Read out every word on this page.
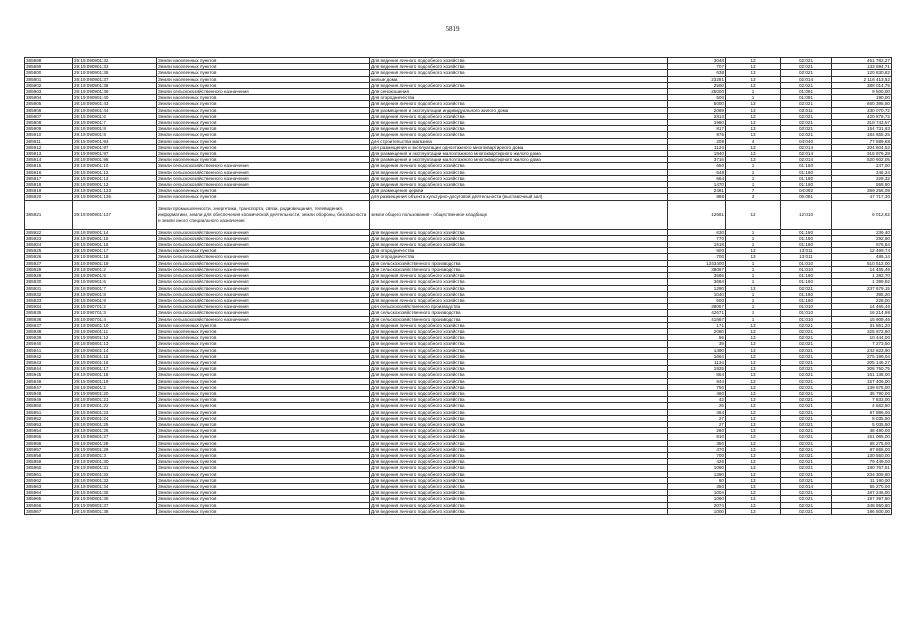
5819
385898	29:19:090901:32	Земли населенных пунктов	Для ведения личного подсобного хозяйства	3048	13	02:021	451 782,27
385899	29:19:090901:33	Земли населенных пунктов	Для ведения личного подсобного хозяйства	707	13	02:021	133 894,71
385900	29:19:090901:35	Земли населенных пунктов	Для ведения личного подсобного хозяйства	638	13	02:021	120 830,82
385901	29:19:090901:37	Земли населенных пунктов	жилые дома	23281	13	02:014	2 116 413,52
385902	29:19:090901:38	Земли населенных пунктов	Для ведения личного подсобного хозяйства	2500	13	02:021	388 014,75
385903	29:19:090901:39	Земли сельскохозяйственного назначения	Для сенокошения	25000	1	01:081	9 500,00
385904	29:19:090901:40	Земли населенных пунктов	Для огородничества	500	1	01:081	190,00
385905	29:19:090901:43	Земли населенных пунктов	Для ведения личного подсобного хозяйства	5000	13	02:021	660 395,50
385906	29:19:090901:44	Земли населенных пунктов	Для размещения и эксплуатации индивидуального жилого дома	2069	13	02:011	330 070,72
385907	29:19:090901:6	Земли населенных пунктов	Для ведения личного подсобного хозяйства	2813	13	02:021	420 876,72
385908	29:19:090901:7	Земли населенных пунктов	Для ведения личного подсобного хозяйства	1980	13	02:021	318 743,57
385909	29:19:090901:8	Земли населенных пунктов	Для ведения личного подсобного хозяйства	817	13	02:021	154 731,63
385910	29:19:090901:9	Земли населенных пунктов	Для ведения личного подсобного хозяйства	975	13	02:021	184 655,25
385911	29:19:090901:94	Земли населенных пунктов	для строительства магазина	208	4	04:040	77 589,68
385912	29:19:090901:97	Земли населенных пунктов	для размещения и эксплуатации одноэтажного многоквартирного дома	1124	13	02:014	204 604,53
385913	29:19:090901:97	Земли населенных пунктов	Для размещения и эксплуатации малоэтажного многоквартирного жилого дома	1940	13	02:014	315 976,28
385914	29:19:090901:98	Земли населенных пунктов	Для размещения и эксплуатации малоэтажного многоквартирного жилого дома	3716	13	02:014	520 602,05
385915	29:19:090901:10	Земли сельскохозяйственного назначения	Для ведения личного подсобного хозяйства	650	1	01:160	247,00
385916	29:19:090901:12	Земли сельскохозяйственного назначения	Для ведения личного подсобного хозяйства	648	1	01:160	246,24
385917	29:19:090901:13	Земли сельскохозяйственного назначения	Для ведения личного подсобного хозяйства	864	1	01:160	328,32
385918	29:19:090901:13	Земли сельскохозяйственного назначения	Для ведения личного подсобного хозяйства	1470	1	01:160	558,60
385919	29:19:090901:133	Земли населенных пунктов	Для размещения церкви	2481	7	04:092	389 256,09
385920	29:19:090901:135	Земли населенных пунктов	для размещения объекта культурно-досуговой деятельности (выставочный зал)	988	3	05:081	47 717,30
385921	29:19:090901:137	Земли промышленности, энергетики, транспорта, связи, радиовещания, телевидения, информатики, земли для обеспечения космической деятельности, земли обороны, безопасности и земли иного специального назначения	земли общего пользования - общественное кладбище	12681	12	12:010	6 012,62
385922	29:19:090901:14	Земли сельскохозяйственного назначения	Для ведения личного подсобного хозяйства	630	1	01:160	239,40
385923	29:19:090901:15	Земли сельскохозяйственного назначения	Для ведения личного подсобного хозяйства	770	1	01:160	292,60
385924	29:19:090901:16	Земли сельскохозяйственного назначения	Для ведения личного подсобного хозяйства	1518	1	01:160	576,84
385925	29:19:090901:17	Земли населенных пунктов	Для огородничества	600	13	13:011	12 499,74
385926	29:19:090901:18	Земли сельскохозяйственного назначения	Для огородничества	700	13	13:011	486,14
385927	29:19:090901:19	Земли сельскохозяйственного назначения	Для сельскохозяйственного производства	1343400	1	01:010	510 512,00
385928	29:19:090901:2	Земли сельскохозяйственного назначения	Для сельскохозяйственного производства	38067	1	01:010	14 465,46
385929	29:19:090901:5	Земли сельскохозяйственного назначения	Для ведения личного подсобного хозяйства	3665	1	01:160	1 392,70
385930	29:19:090901:6	Земли сельскохозяйственного назначения	Для ведения личного подсобного хозяйства	3684	1	01:160	1 399,92
385931	29:19:090901:7	Земли сельскохозяйственного назначения	Для ведения личного подсобного хозяйства	1290	13	02:021	237 679,15
385932	29:19:090901:8	Земли сельскохозяйственного назначения	Для ведения личного подсобного хозяйства	1040	1	01:160	395,20
385933	29:19:090901:9	Земли сельскохозяйственного назначения	Для ведения личного подсобного хозяйства	600	1	01:160	228,00
385934	29:19:090701:2	Земли сельскохозяйственного назначения	для сельскохозяйственного производства	38067	1	01:010	14 465,46
385935	29:19:090701:3	Земли сельскохозяйственного назначения	Для сельскохозяйственного производства	42671	1	01:010	16 214,98
385936	29:19:090701:4	Земли сельскохозяйственного назначения	Для сельскохозяйственного производства	41867	1	01:010	15 909,46
385937	29:19:090801:10	Земли населенных пунктов	Для ведения личного подсобного хозяйства	171	13	02:021	31 861,20
385938	29:19:090801:11	Земли населенных пунктов	Для ведения личного подсобного хозяйства	2080	13	02:021	325 872,60
385939	29:19:090801:12	Земли населенных пунктов	Для ведения личного подсобного хозяйства	56	13	02:021	10 444,00
385940	29:19:090801:13	Земли населенных пунктов	Для ведения личного подсобного хозяйства	39	13	02:021	7 273,50
385941	29:19:090801:14	Земли населенных пунктов	Для ведения личного подсобного хозяйства	1490	13	02:021	242 823,90
385942	29:19:090801:15	Земли населенных пунктов	Для ведения личного подсобного хозяйства	1664	13	02:021	275 199,04
385943	29:19:090801:16	Земли населенных пунктов	Для ведения личного подсобного хозяйства	1134	13	02:021	205 146,27
385944	29:19:090801:17	Земли населенных пунктов	Для ведения личного подсобного хозяйства	1925	13	02:021	308 750,75
385945	29:19:090801:18	Земли населенных пунктов	Для ведения личного подсобного хозяйства	864	13	02:021	161 138,00
385946	29:19:090801:19	Земли населенных пунктов	Для ведения личного подсобного хозяйства	844	13	02:021	157 406,00
385947	29:19:090801:2	Земли населенных пунктов	Для ведения личного подсобного хозяйства	750	13	02:021	139 875,00
385948	29:19:090801:20	Земли населенных пунктов	Для ведения личного подсобного хозяйства	460	13	02:021	35 790,00
385949	29:19:090801:21	Земли населенных пунктов	Для ведения личного подсобного хозяйства	42	13	02:021	7 833,00
385950	29:19:090801:22	Земли населенных пунктов	Для ведения личного подсобного хозяйства	25	13	02:021	4 662,50
385951	29:19:090801:23	Земли населенных пунктов	Для ведения личного подсобного хозяйства	364	13	02:021	67 886,00
385952	29:19:090801:24	Земли населенных пунктов	Для ведения личного подсобного хозяйства	27	13	02:021	5 035,50
385953	29:19:090801:25	Земли населенных пунктов	Для ведения личного подсобного хозяйства	27	13	02:021	5 035,50
385954	29:19:090801:26	Земли населенных пунктов	Для ведения личного подсобного хозяйства	260	13	02:021	48 490,00
385955	29:19:090801:27	Земли населенных пунктов	Для ведения личного подсобного хозяйства	810	13	02:021	151 065,00
385956	29:19:090801:28	Земли населенных пунктов	Для ведения личного подсобного хозяйства	350	13	02:021	65 275,00
385957	29:19:090801:29	Земли населенных пунктов	Для ведения личного подсобного хозяйства	470	13	02:021	87 655,00
385958	29:19:090801:3	Земли населенных пунктов	Для ведения личного подсобного хозяйства	700	13	02:021	130 550,00
385959	29:19:090801:30	Земли населенных пунктов	Для ведения личного подсобного хозяйства	426	13	02:021	79 449,00
385960	29:19:090801:31	Земли населенных пунктов	Для ведения личного подсобного хозяйства	1060	13	02:021	190 767,61
385961	29:19:090801:32	Земли населенных пунктов	Для ведения личного подсобного хозяйства	1390	13	02:021	234 309,80
385962	29:19:090801:33	Земли населенных пунктов	Для ведения личного подсобного хозяйства	60	13	02:021	11 190,00
385963	29:19:090801:34	Земли населенных пунктов	Для ведения личного подсобного хозяйства	350	13	02:014	65 270,00
385964	29:19:090801:35	Земли населенных пунктов	Для ведения личного подсобного хозяйства	1004	13	02:021	187 246,00
385965	29:19:090801:36	Земли населенных пунктов	Для ведения личного подсобного хозяйства	1060	13	02:021	197 397,80
385966	29:19:090801:37	Земли населенных пунктов	Для ведения личного подсобного хозяйства	2074	13	02:021	348 950,80
385967	29:19:090801:38	Земли населенных пунктов	Для ведения личного подсобного хозяйства	1000	13	02:021	186 500,00
